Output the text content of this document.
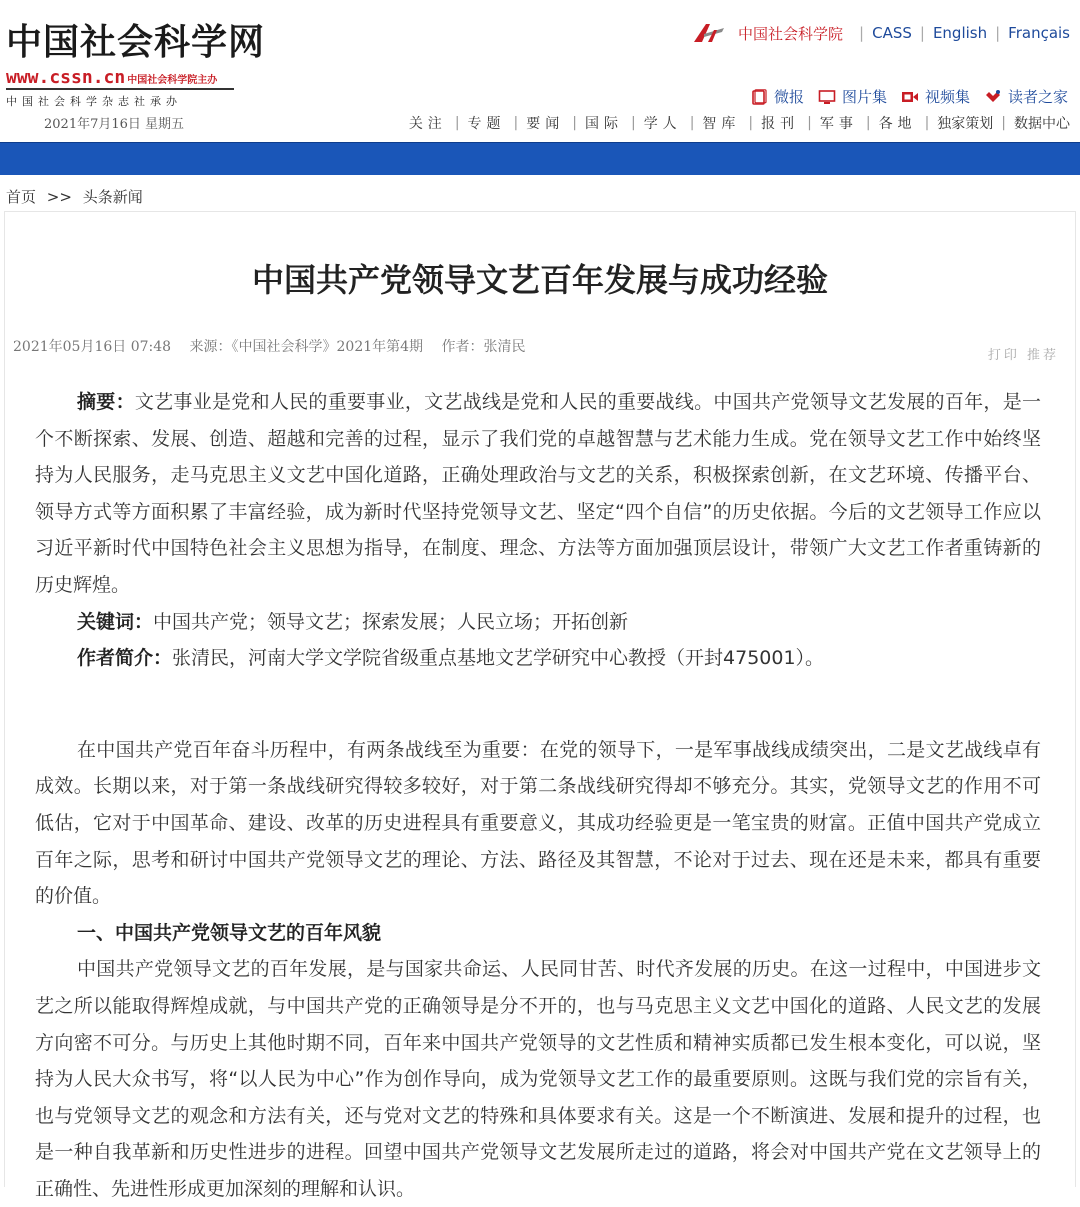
中国社会科学网
www.cssn.cn 中国社会科学院主办
中国社会科学杂志社承办
2021年7月16日 星期五
中国社会科学院 | CASS | English | Français
微报	图片集	视频集	读者之家
关注 | 专题 | 要闻 | 国际 | 学人 | 智库 | 报刊 | 军事 | 各地 | 独家策划 | 数据中心
首页 >> 头条新闻
中国共产党领导文艺百年发展与成功经验
2021年05月16日 07:48 来源：《中国社会科学》2021年第4期 作者：张清民
打印 推荐

摘要：文艺事业是党和人民的重要事业，文艺战线是党和人民的重要战线。中国共产党领导文艺发展的百年，是一个不断探索、发展、创造、超越和完善的过程，显示了我们党的卓越智慧与艺术能力生成。党在领导文艺工作中始终坚持为人民服务，走马克思主义文艺中国化道路，正确处理政治与文艺的关系，积极探索创新，在文艺环境、传播平台、领导方式等方面积累了丰富经验，成为新时代坚持党领导文艺、坚定“四个自信”的历史依据。今后的文艺领导工作应以习近平新时代中国特色社会主义思想为指导，在制度、理念、方法等方面加强顶层设计，带领广大文艺工作者重铸新的历史辉煌。

关键词：中国共产党；领导文艺；探索发展；人民立场；开拓创新

作者简介：张清民，河南大学文学院省级重点基地文艺学研究中心教授（开封475001）。

在中国共产党百年奋斗历程中，有两条战线至为重要：在党的领导下，一是军事战线成绩突出，二是文艺战线卓有成效。长期以来，对于第一条战线研究得较多较好，对于第二条战线研究得却不够充分。其实，党领导文艺的作用不可低估，它对于中国革命、建设、改革的历史进程具有重要意义，其成功经验更是一笔宝贵的财富。正值中国共产党成立百年之际，思考和研讨中国共产党领导文艺的理论、方法、路径及其智慧，不论对于过去、现在还是未来，都具有重要的价值。

一、中国共产党领导文艺的百年风貌

中国共产党领导文艺的百年发展，是与国家共命运、人民同甘苦、时代齐发展的历史。在这一过程中，中国进步文艺之所以能取得辉煌成就，与中国共产党的正确领导是分不开的，也与马克思主义文艺中国化的道路、人民文艺的发展方向密不可分。与历史上其他时期不同，百年来中国共产党领导的文艺性质和精神实质都已发生根本变化，可以说，坚持为人民大众书写，将“以人民为中心”作为创作导向，成为党领导文艺工作的最重要原则。这既与我们党的宗旨有关，也与党领导文艺的观念和方法有关，还与党对文艺的特殊和具体要求有关。这是一个不断演进、发展和提升的过程，也是一种自我革新和历史性进步的进程。回望中国共产党领导文艺发展所走过的道路，将会对中国共产党在文艺领导上的正确性、先进性形成更加深刻的理解和认识。
